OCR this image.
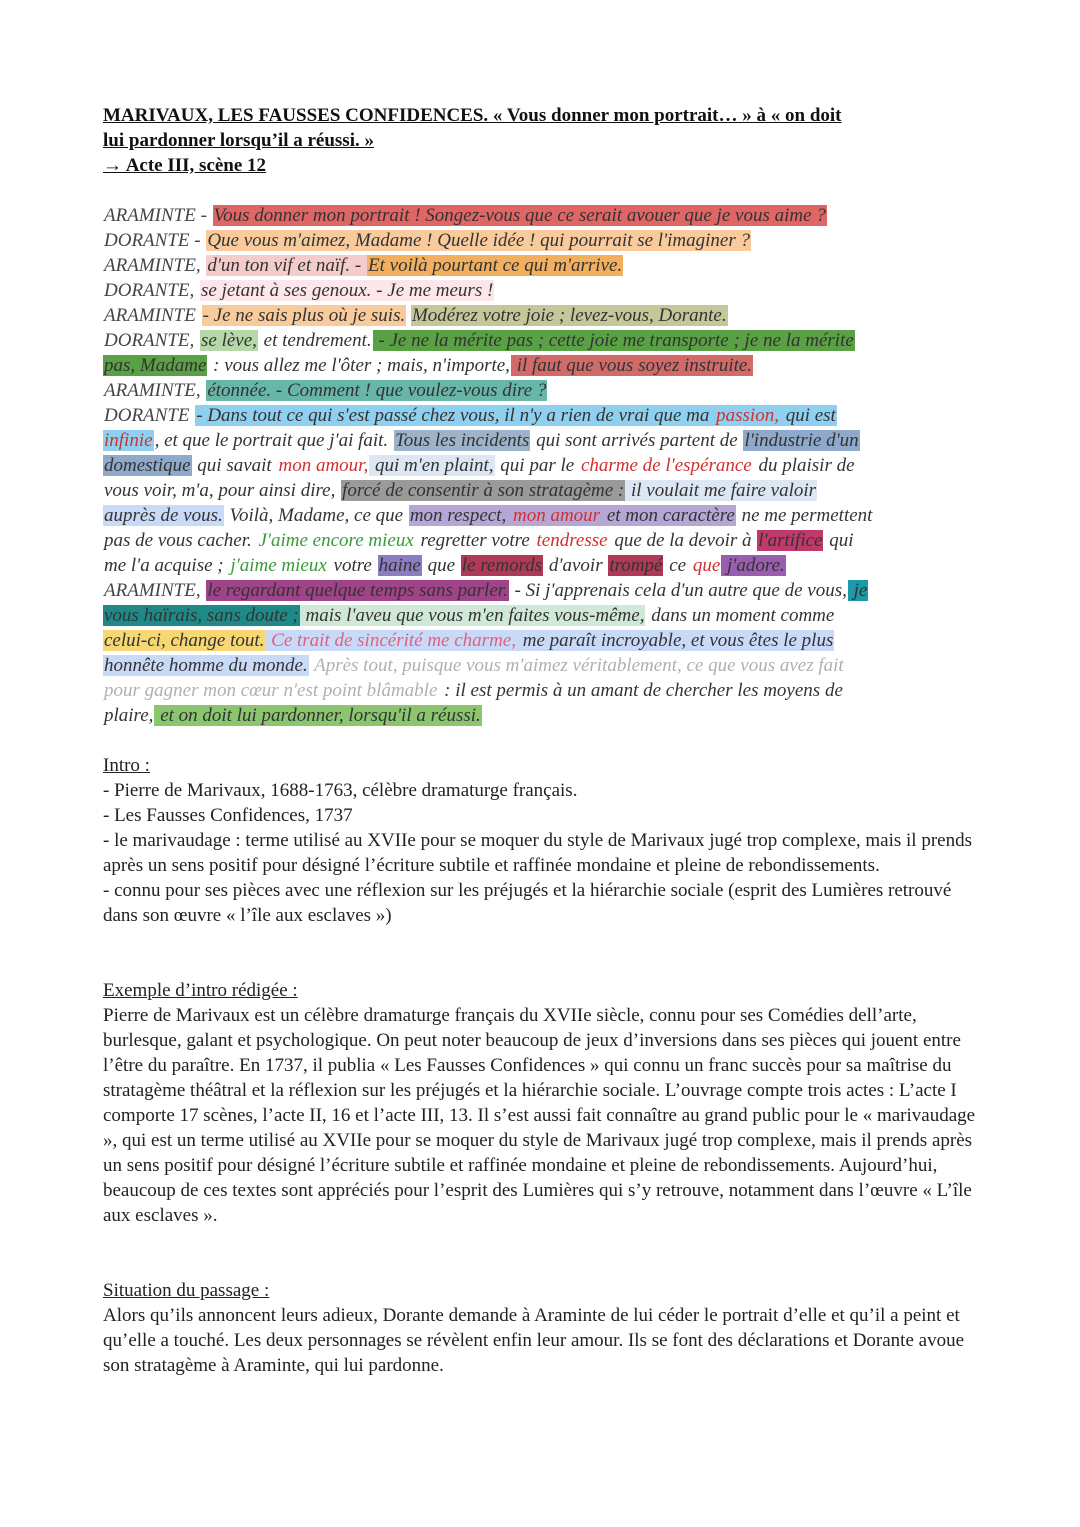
MARIVAUX, LES FAUSSES CONFIDENCES. « Vous donner mon portrait… » à « on doit
lui pardonner lorsqu’il a réussi. »
→ Acte III, scène 12
ARAMINTE - Vous donner mon portrait ! Songez-vous que ce serait avouer que je vous aime ?
DORANTE - Que vous m'aimez, Madame ! Quelle idée ! qui pourrait se l'imaginer ?
ARAMINTE, d'un ton vif et naïf. - Et voilà pourtant ce qui m'arrive.
DORANTE, se jetant à ses genoux. - Je me meurs !
ARAMINTE - Je ne sais plus où je suis. Modérez votre joie ; levez-vous, Dorante.
DORANTE, se lève, et tendrement. - Je ne la mérite pas ; cette joie me transporte ; je ne la mérite
pas, Madame : vous allez me l'ôter ; mais, n'importe, il faut que vous soyez instruite.
ARAMINTE, étonnée. - Comment ! que voulez-vous dire ?
DORANTE - Dans tout ce qui s'est passé chez vous, il n'y a rien de vrai que ma passion, qui est
infinie , et que le portrait que j'ai fait. Tous les incidents qui sont arrivés partent de l'industrie d'un
domestique qui savait mon amour, qui m'en plaint, qui par le charme de l'espérance du plaisir de
vous voir, m'a, pour ainsi dire, forcé de consentir à son stratagème : il voulait me faire valoir
auprès de vous. Voilà, Madame, ce que mon respect, mon amour et mon caractère ne me permettent
pas de vous cacher. J'aime encore mieux regretter votre tendresse que de la devoir à l'artifice qui
me l'a acquise ; j'aime mieux votre haine que le remords d'avoir trompé ce que j'adore.
ARAMINTE, le regardant quelque temps sans parler. - Si j'apprenais cela d'un autre que de vous, je
vous haïrais, sans doute ; mais l'aveu que vous m'en faites vous-même, dans un moment comme
celui-ci, change tout. Ce trait de sincérité me charme, me paraît incroyable, et vous êtes le plus
honnête homme du monde. Après tout, puisque vous m'aimez véritablement, ce que vous avez fait
pour gagner mon cœur n'est point blâmable : il est permis à un amant de chercher les moyens de
plaire, et on doit lui pardonner, lorsqu'il a réussi.
Intro :

- Pierre de Marivaux, 1688-1763, célèbre dramaturge français.

- Les Fausses Confidences, 1737

- le marivaudage : terme utilisé au XVIIe pour se moquer du style de Marivaux jugé trop complexe, mais il prends après un sens positif pour désigné l’écriture subtile et raffinée mondaine et pleine de rebondissements.

- connu pour ses pièces avec une réflexion sur les préjugés et la hiérarchie sociale (esprit des Lumières retrouvé dans son œuvre « l’île aux esclaves »)

Exemple d’intro rédigée :

Pierre de Marivaux est un célèbre dramaturge français du XVIIe siècle, connu pour ses Comédies dell’arte, burlesque, galant et psychologique. On peut noter beaucoup de jeux d’inversions dans ses pièces qui jouent entre l’être du paraître. En 1737, il publia « Les Fausses Confidences » qui connu un franc succès pour sa maîtrise du stratagème théâtral et la réflexion sur les préjugés et la hiérarchie sociale. L’ouvrage compte trois actes : L’acte I comporte 17 scènes, l’acte II, 16 et l’acte III, 13. Il s’est aussi fait connaître au grand public pour le « marivaudage », qui est un terme utilisé au XVIIe pour se moquer du style de Marivaux jugé trop complexe, mais il prends après un sens positif pour désigné l’écriture subtile et raffinée mondaine et pleine de rebondissements. Aujourd’hui, beaucoup de ces textes sont appréciés pour l’esprit des Lumières qui s’y retrouve, notamment dans l’œuvre « L’île aux esclaves ».

Situation du passage :

Alors qu’ils annoncent leurs adieux, Dorante demande à Araminte de lui céder le portrait d’elle et qu’il a peint et qu’elle a touché. Les deux personnages se révèlent enfin leur amour. Ils se font des déclarations et Dorante avoue son stratagème à Araminte, qui lui pardonne.
